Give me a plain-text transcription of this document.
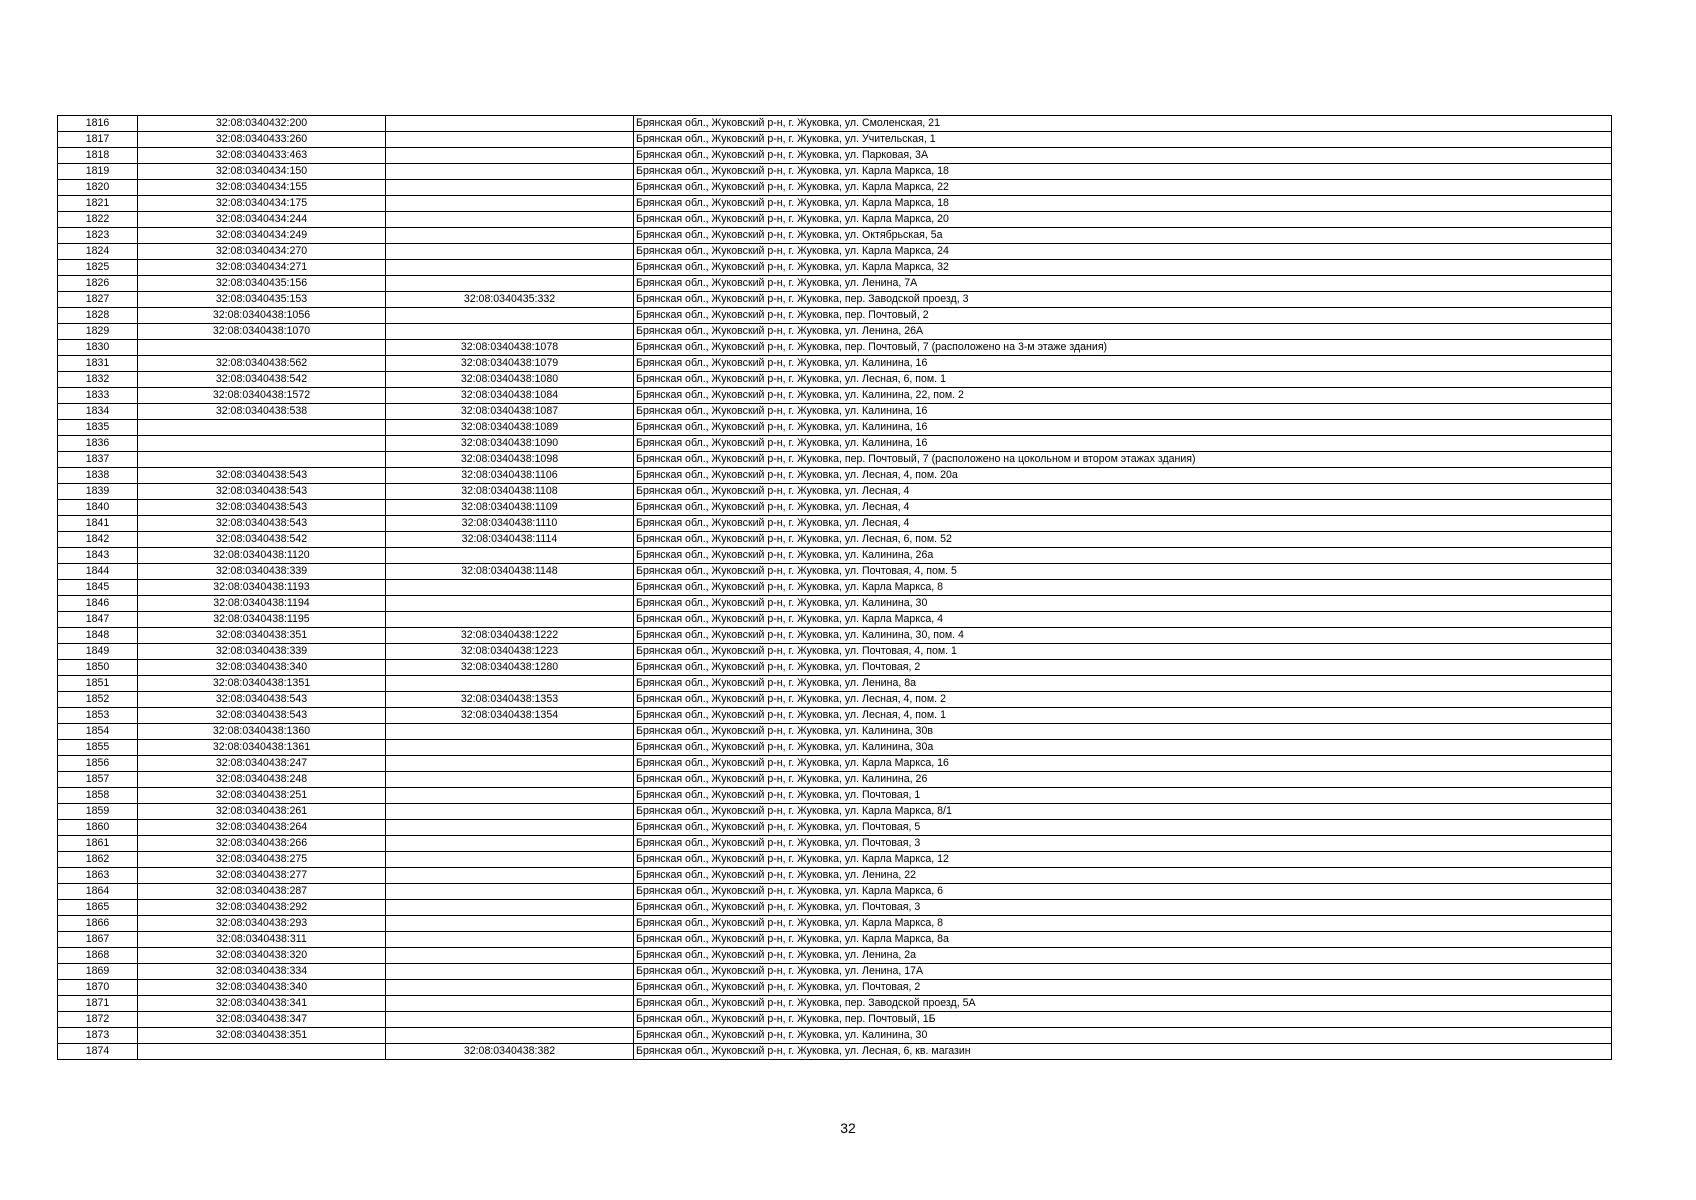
1816	32:08:0340432:200		Брянская обл., Жуковский р-н, г. Жуковка, ул. Смоленская, 21
1817	32:08:0340433:260		Брянская обл., Жуковский р-н, г. Жуковка, ул. Учительская, 1
1818	32:08:0340433:463		Брянская обл., Жуковский р-н, г. Жуковка, ул. Парковая, 3А
1819	32:08:0340434:150		Брянская обл., Жуковский р-н, г. Жуковка, ул. Карла Маркса, 18
1820	32:08:0340434:155		Брянская обл., Жуковский р-н, г. Жуковка, ул. Карла Маркса, 22
1821	32:08:0340434:175		Брянская обл., Жуковский р-н, г. Жуковка, ул. Карла Маркса, 18
1822	32:08:0340434:244		Брянская обл., Жуковский р-н, г. Жуковка, ул. Карла Маркса, 20
1823	32:08:0340434:249		Брянская обл., Жуковский р-н, г. Жуковка, ул. Октябрьская, 5а
1824	32:08:0340434:270		Брянская обл., Жуковский р-н, г. Жуковка, ул. Карла Маркса, 24
1825	32:08:0340434:271		Брянская обл., Жуковский р-н, г. Жуковка, ул. Карла Маркса, 32
1826	32:08:0340435:156		Брянская обл., Жуковский р-н, г. Жуковка, ул. Ленина, 7А
1827	32:08:0340435:153	32:08:0340435:332	Брянская обл., Жуковский р-н, г. Жуковка, пер. Заводской проезд, 3
1828	32:08:0340438:1056		Брянская обл., Жуковский р-н, г. Жуковка, пер. Почтовый, 2
1829	32:08:0340438:1070		Брянская обл., Жуковский р-н, г. Жуковка, ул. Ленина, 26А
1830		32:08:0340438:1078	Брянская обл., Жуковский р-н, г. Жуковка, пер. Почтовый, 7 (расположено на 3-м этаже здания)
1831	32:08:0340438:562	32:08:0340438:1079	Брянская обл., Жуковский р-н, г. Жуковка, ул. Калинина, 16
1832	32:08:0340438:542	32:08:0340438:1080	Брянская обл., Жуковский р-н, г. Жуковка, ул. Лесная, 6, пом. 1
1833	32:08:0340438:1572	32:08:0340438:1084	Брянская обл., Жуковский р-н, г. Жуковка, ул. Калинина, 22, пом. 2
1834	32:08:0340438:538	32:08:0340438:1087	Брянская обл., Жуковский р-н, г. Жуковка, ул. Калинина, 16
1835		32:08:0340438:1089	Брянская обл., Жуковский р-н, г. Жуковка, ул. Калинина, 16
1836		32:08:0340438:1090	Брянская обл., Жуковский р-н, г. Жуковка, ул. Калинина, 16
1837		32:08:0340438:1098	Брянская обл., Жуковский р-н, г. Жуковка, пер. Почтовый, 7 (расположено на цокольном и втором этажах здания)
1838	32:08:0340438:543	32:08:0340438:1106	Брянская обл., Жуковский р-н, г. Жуковка, ул. Лесная, 4, пом. 20а
1839	32:08:0340438:543	32:08:0340438:1108	Брянская обл., Жуковский р-н, г. Жуковка, ул. Лесная, 4
1840	32:08:0340438:543	32:08:0340438:1109	Брянская обл., Жуковский р-н, г. Жуковка, ул. Лесная, 4
1841	32:08:0340438:543	32:08:0340438:1110	Брянская обл., Жуковский р-н, г. Жуковка, ул. Лесная, 4
1842	32:08:0340438:542	32:08:0340438:1114	Брянская обл., Жуковский р-н, г. Жуковка, ул. Лесная, 6, пом. 52
1843	32:08:0340438:1120		Брянская обл., Жуковский р-н, г. Жуковка, ул. Калинина, 26а
1844	32:08:0340438:339	32:08:0340438:1148	Брянская обл., Жуковский р-н, г. Жуковка, ул. Почтовая, 4, пом. 5
1845	32:08:0340438:1193		Брянская обл., Жуковский р-н, г. Жуковка, ул. Карла Маркса, 8
1846	32:08:0340438:1194		Брянская обл., Жуковский р-н, г. Жуковка, ул. Калинина, 30
1847	32:08:0340438:1195		Брянская обл., Жуковский р-н, г. Жуковка, ул. Карла Маркса, 4
1848	32:08:0340438:351	32:08:0340438:1222	Брянская обл., Жуковский р-н, г. Жуковка, ул. Калинина, 30, пом. 4
1849	32:08:0340438:339	32:08:0340438:1223	Брянская обл., Жуковский р-н, г. Жуковка, ул. Почтовая, 4, пом. 1
1850	32:08:0340438:340	32:08:0340438:1280	Брянская обл., Жуковский р-н, г. Жуковка, ул. Почтовая, 2
1851	32:08:0340438:1351		Брянская обл., Жуковский р-н, г. Жуковка, ул. Ленина, 8а
1852	32:08:0340438:543	32:08:0340438:1353	Брянская обл., Жуковский р-н, г. Жуковка, ул. Лесная, 4, пом. 2
1853	32:08:0340438:543	32:08:0340438:1354	Брянская обл., Жуковский р-н, г. Жуковка, ул. Лесная, 4, пом. 1
1854	32:08:0340438:1360		Брянская обл., Жуковский р-н, г. Жуковка, ул. Калинина, 30в
1855	32:08:0340438:1361		Брянская обл., Жуковский р-н, г. Жуковка, ул. Калинина, 30а
1856	32:08:0340438:247		Брянская обл., Жуковский р-н, г. Жуковка, ул. Карла Маркса, 16
1857	32:08:0340438:248		Брянская обл., Жуковский р-н, г. Жуковка, ул. Калинина, 26
1858	32:08:0340438:251		Брянская обл., Жуковский р-н, г. Жуковка, ул. Почтовая, 1
1859	32:08:0340438:261		Брянская обл., Жуковский р-н, г. Жуковка, ул. Карла Маркса, 8/1
1860	32:08:0340438:264		Брянская обл., Жуковский р-н, г. Жуковка, ул. Почтовая, 5
1861	32:08:0340438:266		Брянская обл., Жуковский р-н, г. Жуковка, ул. Почтовая, 3
1862	32:08:0340438:275		Брянская обл., Жуковский р-н, г. Жуковка, ул. Карла Маркса, 12
1863	32:08:0340438:277		Брянская обл., Жуковский р-н, г. Жуковка, ул. Ленина, 22
1864	32:08:0340438:287		Брянская обл., Жуковский р-н, г. Жуковка, ул. Карла Маркса, 6
1865	32:08:0340438:292		Брянская обл., Жуковский р-н, г. Жуковка, ул. Почтовая, 3
1866	32:08:0340438:293		Брянская обл., Жуковский р-н, г. Жуковка, ул. Карла Маркса, 8
1867	32:08:0340438:311		Брянская обл., Жуковский р-н, г. Жуковка, ул. Карла Маркса, 8а
1868	32:08:0340438:320		Брянская обл., Жуковский р-н, г. Жуковка, ул. Ленина, 2а
1869	32:08:0340438:334		Брянская обл., Жуковский р-н, г. Жуковка, ул. Ленина, 17А
1870	32:08:0340438:340		Брянская обл., Жуковский р-н, г. Жуковка, ул. Почтовая, 2
1871	32:08:0340438:341		Брянская обл., Жуковский р-н, г. Жуковка, пер. Заводской проезд, 5А
1872	32:08:0340438:347		Брянская обл., Жуковский р-н, г. Жуковка, пер. Почтовый, 1Б
1873	32:08:0340438:351		Брянская обл., Жуковский р-н, г. Жуковка, ул. Калинина, 30
1874		32:08:0340438:382	Брянская обл., Жуковский р-н, г. Жуковка, ул. Лесная, 6, кв. магазин
32
